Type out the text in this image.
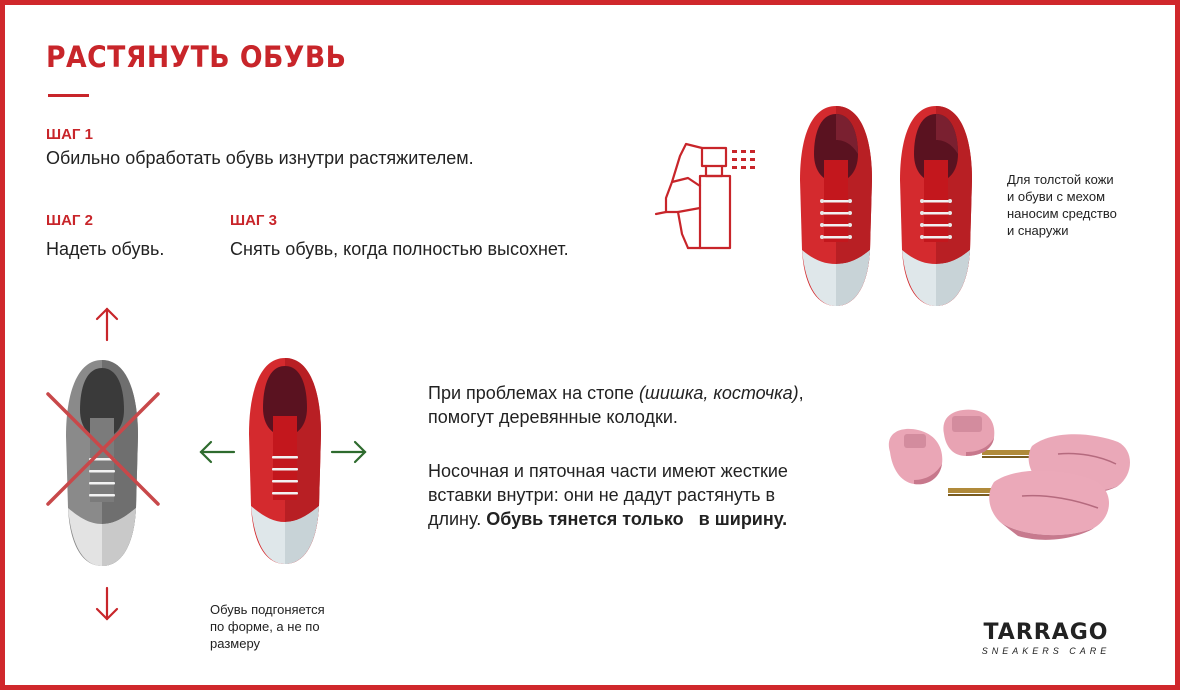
РАСТЯНУТЬ ОБУВЬ
ШАГ 1
Обильно обработать обувь изнутри растяжителем.
ШАГ 2
Надеть обувь.
ШАГ 3
Снять обувь, когда полностью высохнет.
Для толстой кожи
и обуви с мехом
наносим средство
и снаружи
Обувь подгоняется
по форме, а не по
размеру
При проблемах на стопе (шишка, косточка),
помогут деревянные колодки.
Носочная и пяточная части имеют жесткие
вставки внутри: они не дадут растянуть в
длину. Обувь тянется только   в ширину.
TARRAGO
SNEAKERS CARE
